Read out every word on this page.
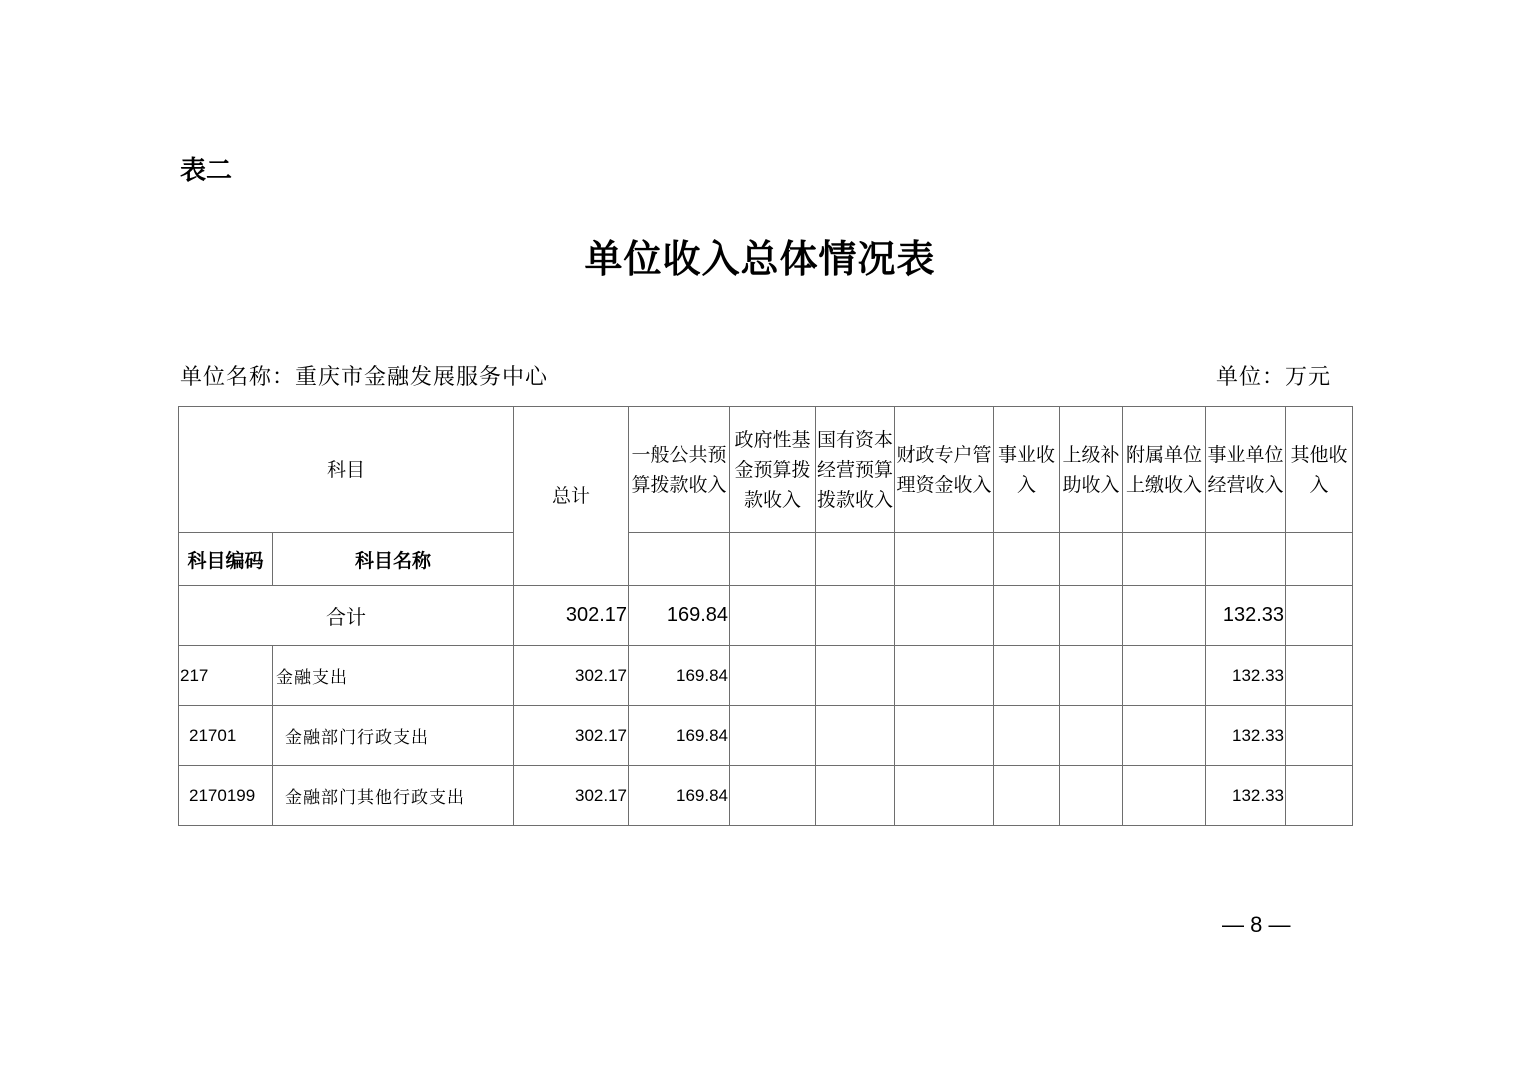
表二
单位收入总体情况表
单位名称：重庆市金融发展服务中心	单位：万元
科目		总计	一般公共预算拨款收入	政府性基金预算拨款收入	国有资本经营预算拨款收入	财政专户管理资金收入	事业收入	上级补助收入	附属单位上缴收入	事业单位经营收入	其他收入
科目编码	科目名称										
合计		302.17	169.84							132.33	
217	金融支出	302.17	169.84							132.33	
21701	金融部门行政支出	302.17	169.84							132.33	
2170199	金融部门其他行政支出	302.17	169.84							132.33	
— 8 —
